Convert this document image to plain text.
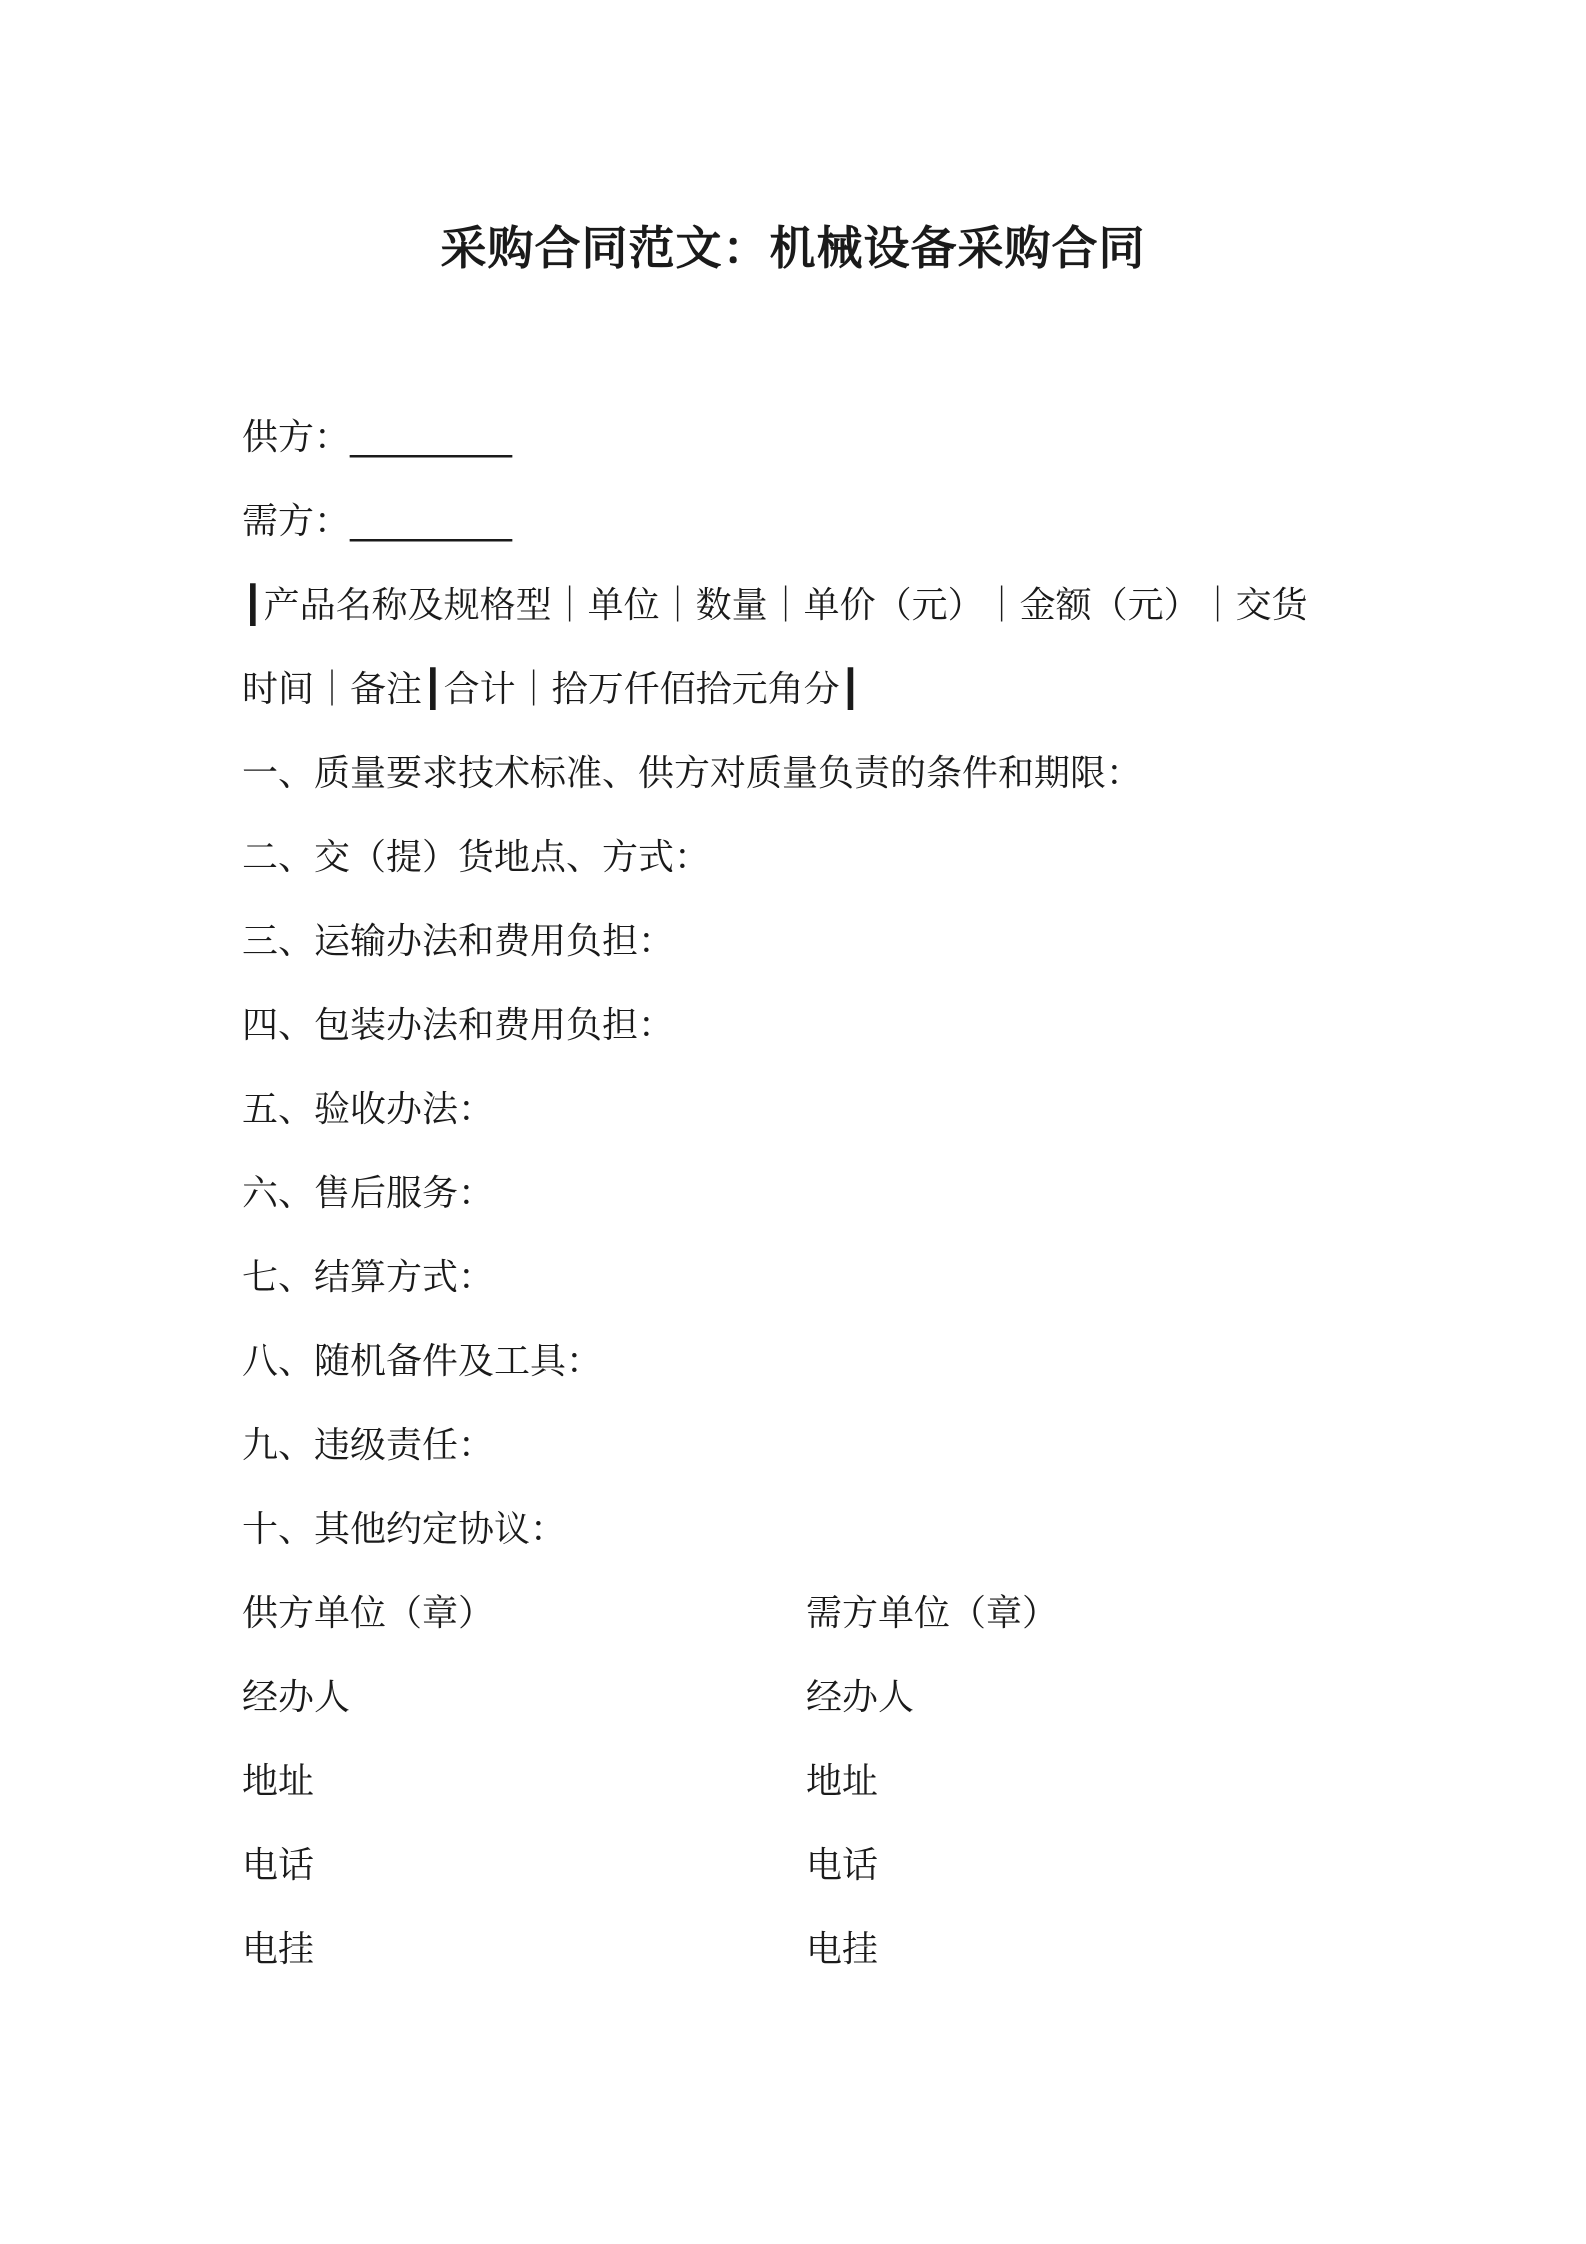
采购合同范文：机械设备采购合同
供方：_________
需方：_________
┃产品名称及规格型｜单位｜数量｜单价（元）｜金额（元）｜交货
时间｜备注┃合计｜拾万仟佰拾元角分┃
一、质量要求技术标准、供方对质量负责的条件和期限：
二、交（提）货地点、方式：
三、运输办法和费用负担：
四、包装办法和费用负担：
五、验收办法：
六、售后服务：
七、结算方式：
八、随机备件及工具：
九、违级责任：
十、其他约定协议：
供方单位（章）	需方单位（章）
经办人	经办人
地址	地址
电话	电话
电挂	电挂
